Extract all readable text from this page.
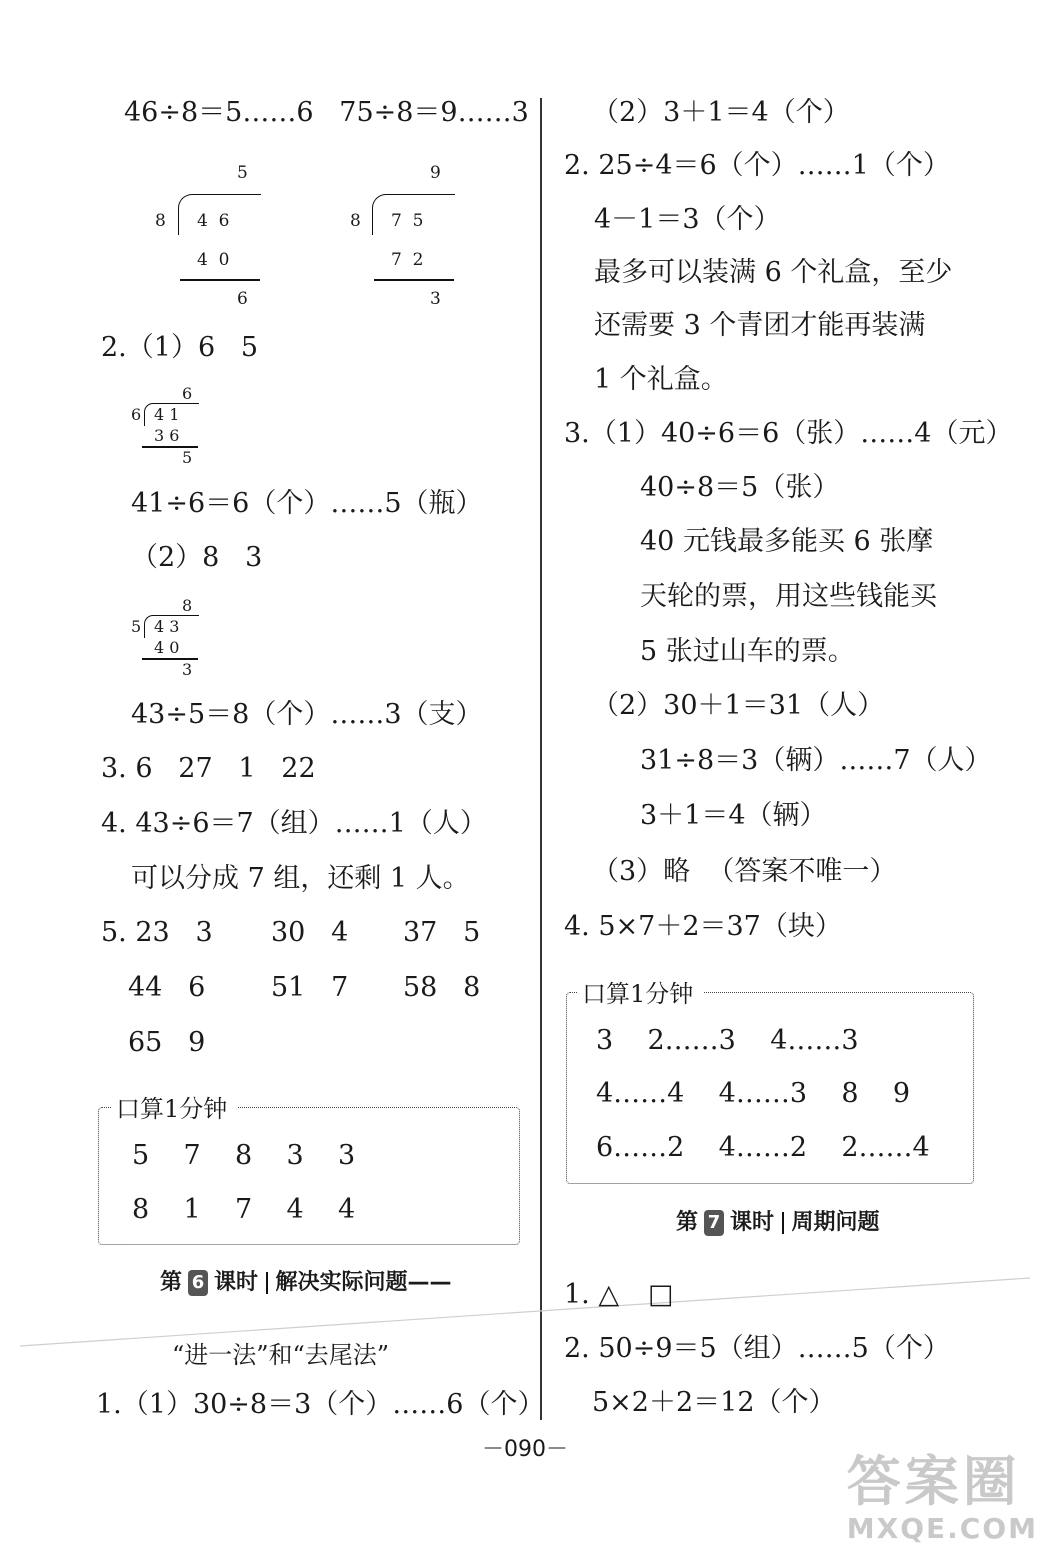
46÷8＝5……6   75÷8＝9……3
5
8 4  6
4  0
6
9
8 7  5
7  2
3
2.（1）6   5
6
6 4 1
3 6
5
41÷6＝6（个）……5（瓶）
（2）8   3
8
5 4 3
4 0
3
43÷5＝8（个）……3（支）
3. 6   27   1   22
4. 43÷6＝7（组）……1（人）
可以分成 7 组，还剩 1 人。
5. 23   3 30   4 37   5
44   6 51   7 58   8
65   9
口算1分钟
5    7    8    3    3
8    1    7    4    4
第 6 课时 解决实际问题——
“进一法”和“去尾法”
1.（1）30÷8＝3（个）……6（个）
（2）3＋1＝4（个）
2. 25÷4＝6（个）……1（个）
4－1＝3（个）
最多可以装满 6 个礼盒，至少
还需要 3 个青团才能再装满
1 个礼盒。
3.（1）40÷6＝6（张）……4（元）
40÷8＝5（张）
40 元钱最多能买 6 张摩
天轮的票，用这些钱能买
5 张过山车的票。
（2）30＋1＝31（人）
31÷8＝3（辆）……7（人）
3＋1＝4（辆）
（3）略  （答案不唯一）
4. 5×7＋2＝37（块）
口算1分钟
3    2……3    4……3
4……4    4……3    8    9
6……2    4……2    2……4
第 7 课时 周期问题
1. △ □
2. 50÷9＝5（组）……5（个）
5×2＋2＝12（个）
－090－
答案圈
MXQE.COM
